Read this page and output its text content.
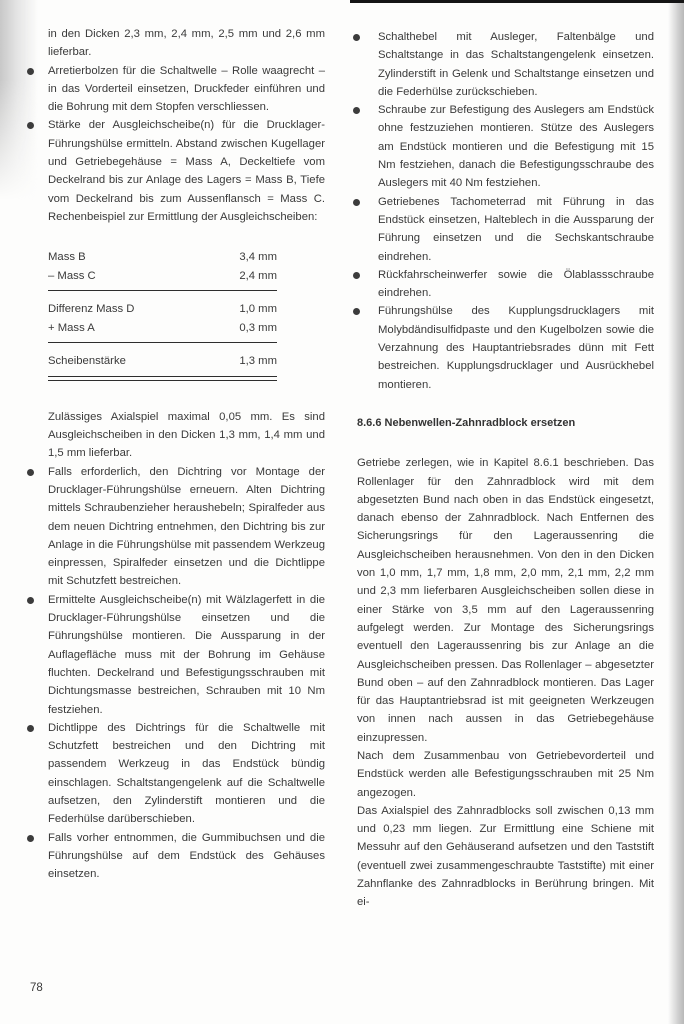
in den Dicken 2,3 mm, 2,4 mm, 2,5 mm und 2,6 mm lieferbar.

Arretierbolzen für die Schaltwelle – Rolle waagrecht – in das Vorderteil einsetzen, Druckfeder einführen und die Bohrung mit dem Stopfen verschliessen.
Stärke der Ausgleichscheibe(n) für die Drucklager-Führungshülse ermitteln. Abstand zwischen Kugellager und Getriebegehäuse = Mass A, Deckeltiefe vom Deckelrand bis zur Anlage des Lagers = Mass B, Tiefe vom Deckelrand bis zum Aussenflansch = Mass C. Rechenbeispiel zur Ermittlung der Ausgleichscheiben:
Mass B	3,4 mm
– Mass C	2,4 mm
Differenz Mass D	1,0 mm
+ Mass A	0,3 mm
Scheibenstärke	1,3 mm

Zulässiges Axialspiel maximal 0,05 mm. Es sind Ausgleichscheiben in den Dicken 1,3 mm, 1,4 mm und 1,5 mm lieferbar.

Falls erforderlich, den Dichtring vor Montage der Drucklager-Führungshülse erneuern. Alten Dichtring mittels Schraubenzieher heraushebeln; Spiralfeder aus dem neuen Dichtring entnehmen, den Dichtring bis zur Anlage in die Führungshülse mit passendem Werkzeug einpressen, Spiralfeder einsetzen und die Dichtlippe mit Schutzfett bestreichen.
Ermittelte Ausgleichscheibe(n) mit Wälzlagerfett in die Drucklager-Führungshülse einsetzen und die Führungshülse montieren. Die Aussparung in der Auflagefläche muss mit der Bohrung im Gehäuse fluchten. Deckelrand und Befestigungsschrauben mit Dichtungsmasse bestreichen, Schrauben mit 10 Nm festziehen.
Dichtlippe des Dichtrings für die Schaltwelle mit Schutzfett bestreichen und den Dichtring mit passendem Werkzeug in das Endstück bündig einschlagen. Schaltstangengelenk auf die Schaltwelle aufsetzen, den Zylinderstift montieren und die Federhülse darüberschieben.
Falls vorher entnommen, die Gummibuchsen und die Führungshülse auf dem Endstück des Gehäuses einsetzen.
Schalthebel mit Ausleger, Faltenbälge und Schaltstange in das Schaltstangengelenk einsetzen. Zylinderstift in Gelenk und Schaltstange einsetzen und die Federhülse zurückschieben.
Schraube zur Befestigung des Auslegers am Endstück ohne festzuziehen montieren. Stütze des Auslegers am Endstück montieren und die Befestigung mit 15 Nm festziehen, danach die Befestigungsschraube des Auslegers mit 40 Nm festziehen.
Getriebenes Tachometerrad mit Führung in das Endstück einsetzen, Halteblech in die Aussparung der Führung einsetzen und die Sechskantschraube eindrehen.
Rückfahrscheinwerfer sowie die Ölablassschraube eindrehen.
Führungshülse des Kupplungsdrucklagers mit Molybdändisulfidpaste und den Kugelbolzen sowie die Verzahnung des Hauptantriebsrades dünn mit Fett bestreichen. Kupplungsdrucklager und Ausrückhebel montieren.
8.6.6 Nebenwellen-Zahnradblock ersetzen

Getriebe zerlegen, wie in Kapitel 8.6.1 beschrieben. Das Rollenlager für den Zahnradblock wird mit dem abgesetzten Bund nach oben in das Endstück eingesetzt, danach ebenso der Zahnradblock. Nach Entfernen des Sicherungsrings für den Lageraussenring die Ausgleichscheiben herausnehmen. Von den in den Dicken von 1,0 mm, 1,7 mm, 1,8 mm, 2,0 mm, 2,1 mm, 2,2 mm und 2,3 mm lieferbaren Ausgleichscheiben sollen diese in einer Stärke von 3,5 mm auf den Lageraussenring aufgelegt werden. Zur Montage des Sicherungsrings eventuell den Lageraussenring bis zur Anlage an die Ausgleichscheiben pressen. Das Rollenlager – abgesetzter Bund oben – auf den Zahnradblock montieren. Das Lager für das Hauptantriebsrad ist mit geeigneten Werkzeugen von innen nach aussen in das Getriebegehäuse einzupressen.

Nach dem Zusammenbau von Getriebevorderteil und Endstück werden alle Befestigungsschrauben mit 25 Nm angezogen.

Das Axialspiel des Zahnradblocks soll zwischen 0,13 mm und 0,23 mm liegen. Zur Ermittlung eine Schiene mit Messuhr auf den Gehäuserand aufsetzen und den Taststift (eventuell zwei zusammengeschraubte Taststifte) mit einer Zahnflanke des Zahnradblocks in Berührung bringen. Mit ei-

78
